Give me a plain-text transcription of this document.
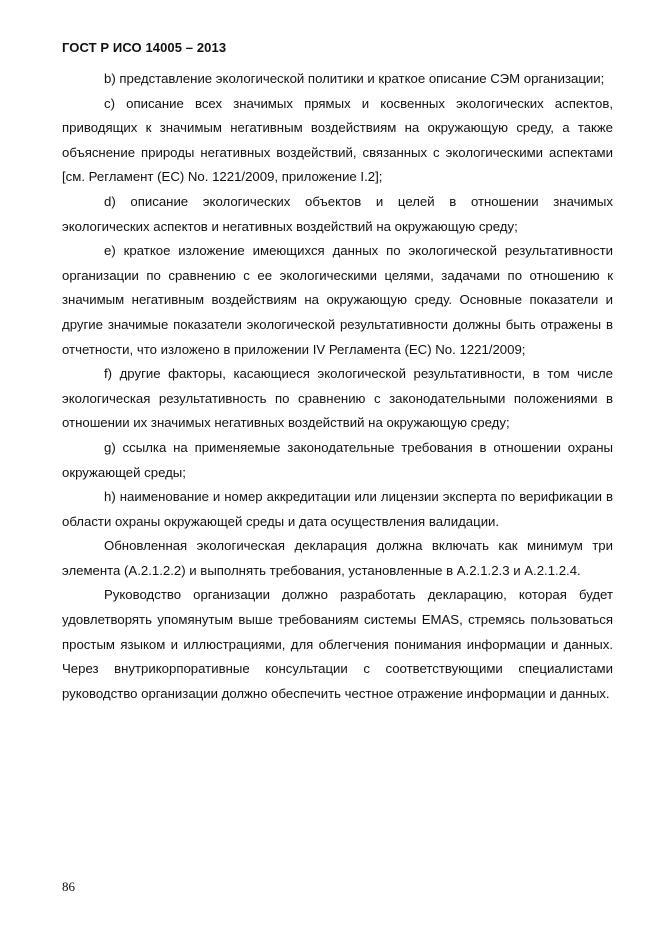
ГОСТ Р ИСО 14005 – 2013

b) представление экологической политики и краткое описание СЭМ организации;

c) описание всех значимых прямых и косвенных экологических аспектов, приводящих к значимым негативным воздействиям на окружающую среду, а также объяснение природы негативных воздействий, связанных с экологическими аспектами [см. Регламент (ЕС) No. 1221/2009, приложение I.2];

d) описание экологических объектов и целей в отношении значимых экологических аспектов и негативных воздействий на окружающую среду;

e) краткое изложение имеющихся данных по экологической результативности организации по сравнению с ее экологическими целями, задачами по отношению к значимым негативным воздействиям на окружающую среду. Основные показатели и другие значимые показатели экологической результативности должны быть отражены в отчетности, что изложено в приложении IV Регламента (ЕС) No. 1221/2009;

f) другие факторы, касающиеся экологической результативности, в том числе экологическая результативность по сравнению с законодательными положениями в отношении их значимых негативных воздействий на окружающую среду;

g) ссылка на применяемые законодательные требования в отношении охраны окружающей среды;

h) наименование и номер аккредитации или лицензии эксперта по верификации в области охраны окружающей среды и дата осуществления валидации.

Обновленная экологическая декларация должна включать как минимум три элемента (А.2.1.2.2) и выполнять требования, установленные в А.2.1.2.3 и А.2.1.2.4.

Руководство организации должно разработать декларацию, которая будет удовлетворять упомянутым выше требованиям системы EMAS, стремясь пользоваться простым языком и иллюстрациями, для облегчения понимания информации и данных. Через внутрикорпоративные консультации с соответствующими специалистами руководство организации должно обеспечить честное отражение информации и данных.

86
